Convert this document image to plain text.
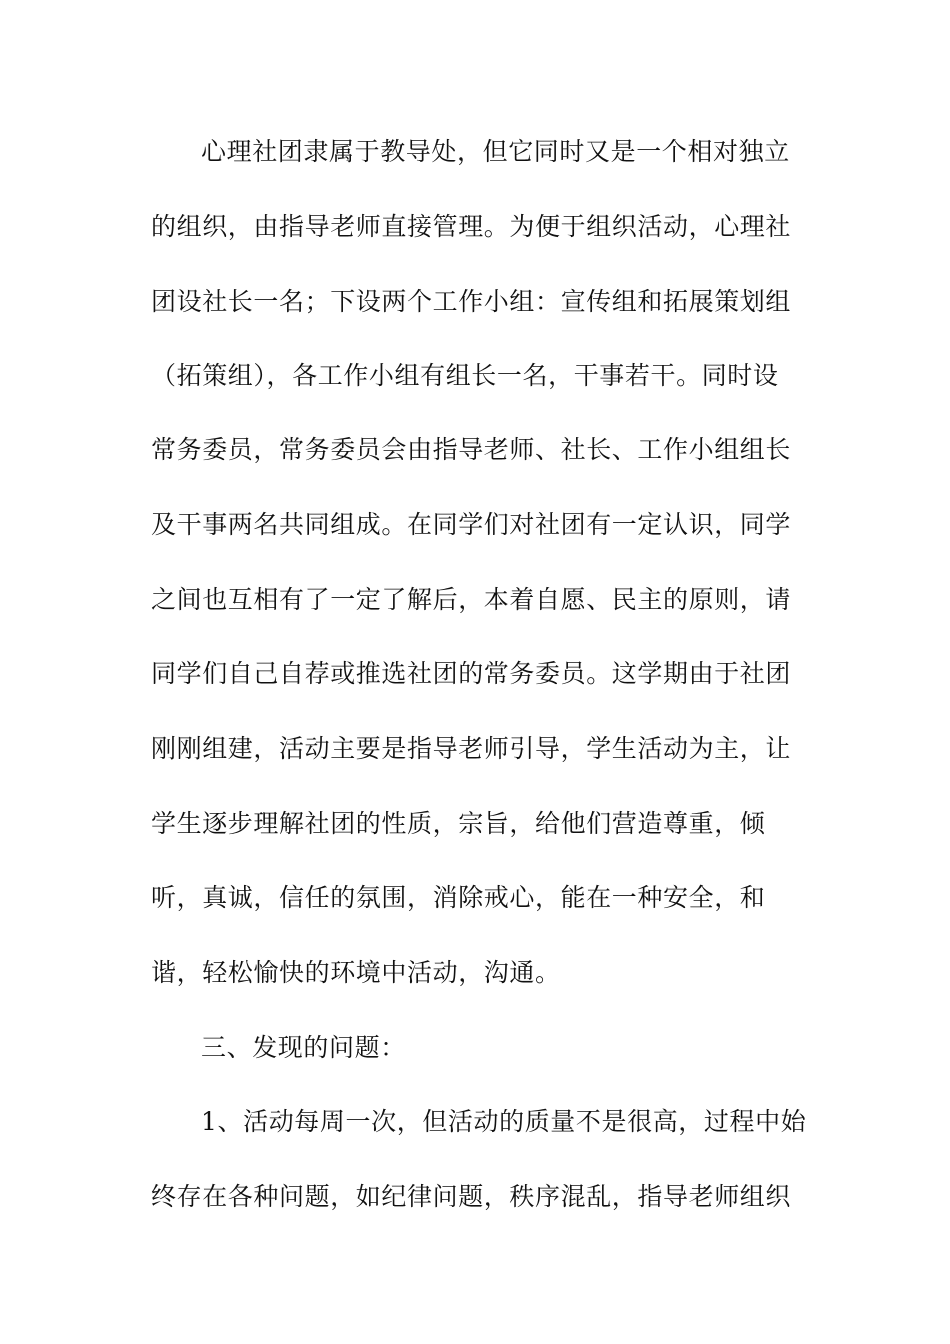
心理社团隶属于教导处，但它同时又是一个相对独立
的组织，由指导老师直接管理。为便于组织活动，心理社
团设社长一名；下设两个工作小组：宣传组和拓展策划组
（拓策组），各工作小组有组长一名，干事若干。同时设
常务委员，常务委员会由指导老师、社长、工作小组组长
及干事两名共同组成。在同学们对社团有一定认识，同学
之间也互相有了一定了解后，本着自愿、民主的原则，请
同学们自己自荐或推选社团的常务委员。这学期由于社团
刚刚组建，活动主要是指导老师引导，学生活动为主，让
学生逐步理解社团的性质，宗旨，给他们营造尊重，倾
听，真诚，信任的氛围，消除戒心，能在一种安全，和
谐，轻松愉快的环境中活动，沟通。
三、发现的问题：
1、活动每周一次，但活动的质量不是很高，过程中始
终存在各种问题，如纪律问题，秩序混乱，指导老师组织
